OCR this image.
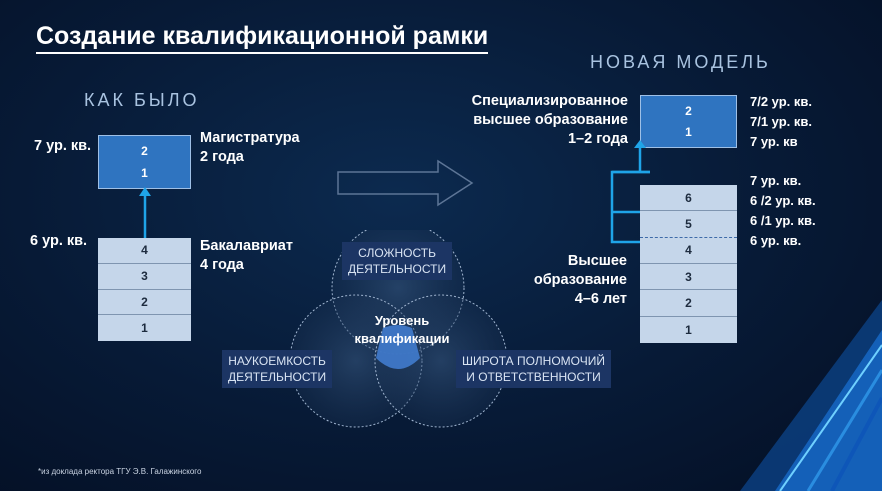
Создание квалификационной рамки
КАК БЫЛО
7 ур. кв.	2
1
Магистратура
2 года
6 ур. кв.
4
3
2
1
Бакалавриат
4 года
НОВАЯ МОДЕЛЬ
Специализированное
высшее образование
1–2 года
2
1
7/2 ур. кв.
7/1 ур. кв.
7 ур. кв
6
5
4
3
2
1
7 ур. кв.
6 /2 ур. кв.
6 /1 ур. кв.
6 ур. кв.
Высшее
образование
4–6 лет
СЛОЖНОСТЬ
ДЕЯТЕЛЬНОСТИ
НАУКОЕМКОСТЬ
ДЕЯТЕЛЬНОСТИ
ШИРОТА ПОЛНОМОЧИЙ
И ОТВЕТСТВЕННОСТИ
Уровень
квалификации
*из доклада ректора ТГУ Э.В. Галажинского
